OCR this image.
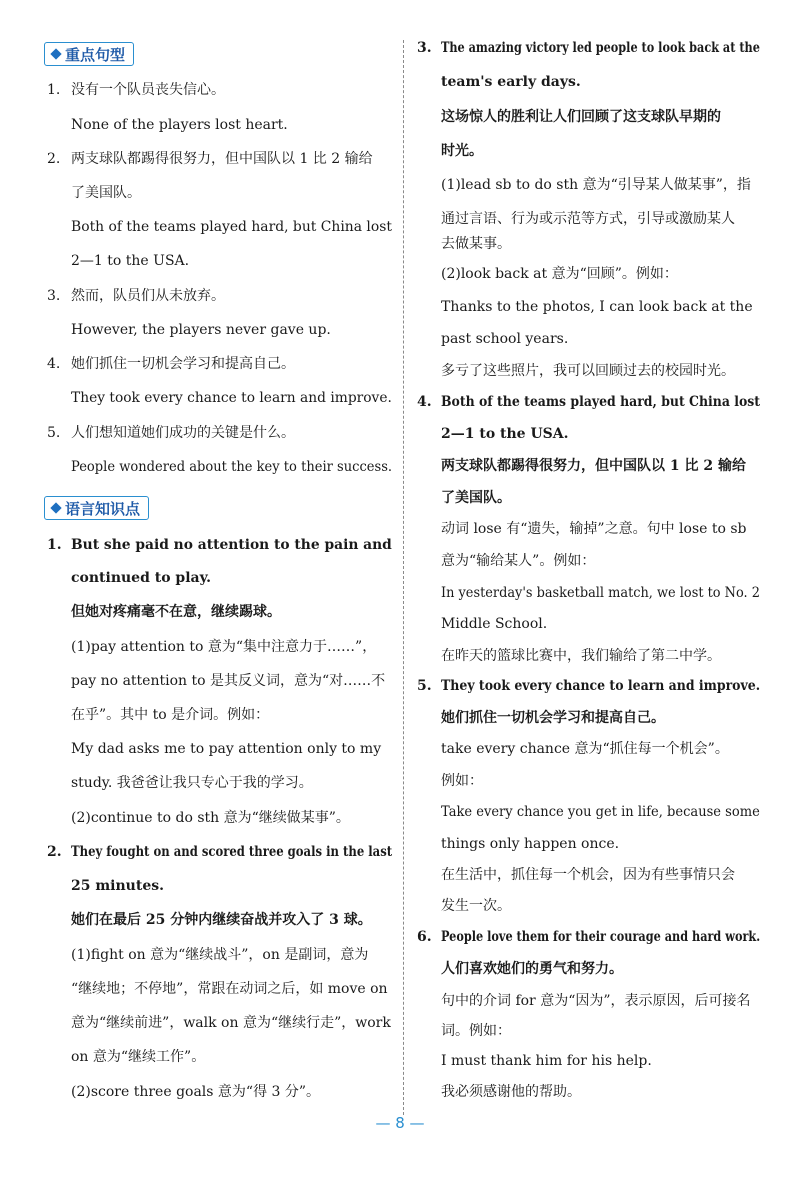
重点句型
1. 没有一个队员丧失信心。
None of the players lost heart.
2. 两支球队都踢得很努力，但中国队以 1 比 2 输给
了美国队。
Both of the teams played hard, but China lost
2—1 to the USA.
3. 然而，队员们从未放弃。
However, the players never gave up.
4. 她们抓住一切机会学习和提高自己。
They took every chance to learn and improve.
5. 人们想知道她们成功的关键是什么。
People wondered about the key to their success.
语言知识点
1. But she paid no attention to the pain and
continued to play.
但她对疼痛毫不在意，继续踢球。
(1)pay attention to 意为“集中注意力于……”，
pay no attention to 是其反义词，意为“对……不
在乎”。其中 to 是介词。例如：
My dad asks me to pay attention only to my
study. 我爸爸让我只专心于我的学习。
(2)continue to do sth 意为“继续做某事”。
2. They fought on and scored three goals in the last
25 minutes.
她们在最后 25 分钟内继续奋战并攻入了 3 球。
(1)fight on 意为“继续战斗”，on 是副词，意为
“继续地；不停地”，常跟在动词之后，如 move on
意为“继续前进”，walk on 意为“继续行走”，work
on 意为“继续工作”。
(2)score three goals 意为“得 3 分”。
3. The amazing victory led people to look back at the
team's early days.
这场惊人的胜利让人们回顾了这支球队早期的
时光。
(1)lead sb to do sth 意为“引导某人做某事”，指
通过言语、行为或示范等方式，引导或激励某人
去做某事。
(2)look back at 意为“回顾”。例如：
Thanks to the photos, I can look back at the
past school years.
多亏了这些照片，我可以回顾过去的校园时光。
4. Both of the teams played hard, but China lost
2—1 to the USA.
两支球队都踢得很努力，但中国队以 1 比 2 输给
了美国队。
动词 lose 有“遗失，输掉”之意。句中 lose to sb
意为“输给某人”。例如：
In yesterday's basketball match, we lost to No. 2
Middle School.
在昨天的篮球比赛中，我们输给了第二中学。
5. They took every chance to learn and improve.
她们抓住一切机会学习和提高自己。
take every chance 意为“抓住每一个机会”。
例如：
Take every chance you get in life, because some
things only happen once.
在生活中，抓住每一个机会，因为有些事情只会
发生一次。
6. People love them for their courage and hard work.
人们喜欢她们的勇气和努力。
句中的介词 for 意为“因为”，表示原因，后可接名
词。例如：
I must thank him for his help.
我必须感谢他的帮助。
— 8 —
